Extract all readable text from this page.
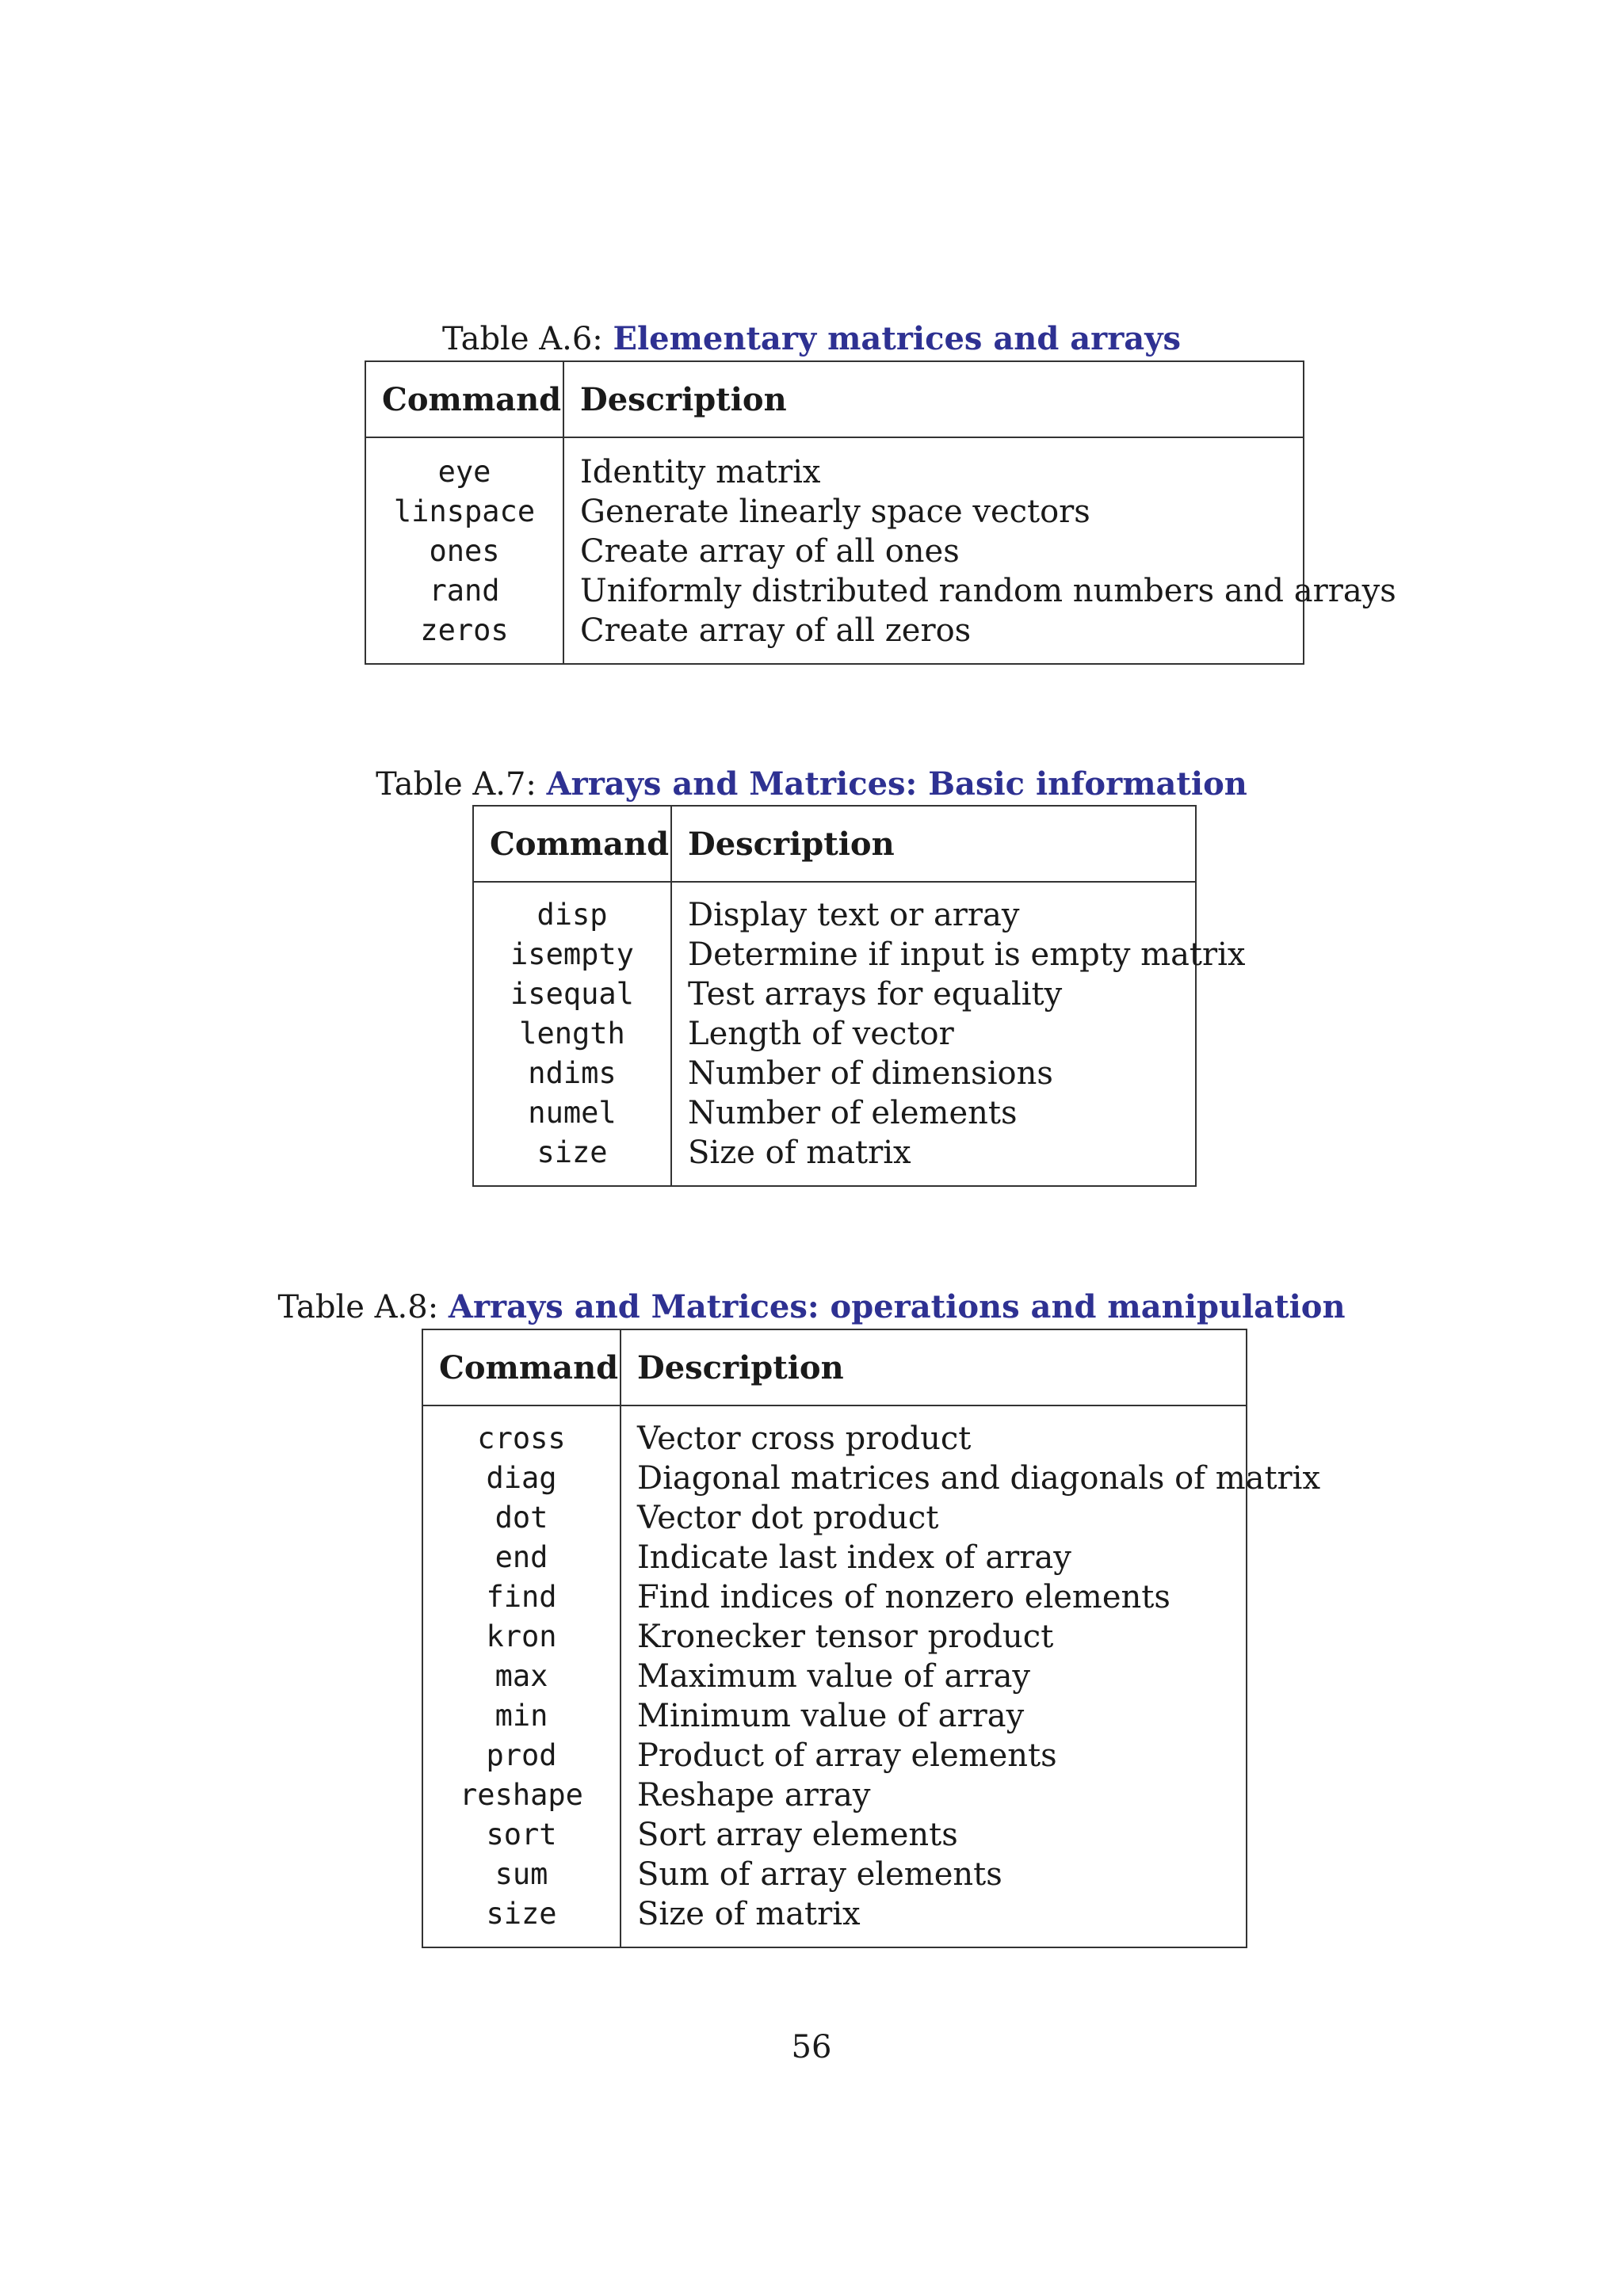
Table A.6: Elementary matrices and arrays
Command Description
eye	Identity matrix
linspace	Generate linearly space vectors
ones	Create array of all ones
rand	Uniformly distributed random numbers and arrays
zeros	Create array of all zeros
Table A.7: Arrays and Matrices: Basic information
Command Description
disp	Display text or array
isempty	Determine if input is empty matrix
isequal	Test arrays for equality
length	Length of vector
ndims	Number of dimensions
numel	Number of elements
size	Size of matrix
Table A.8: Arrays and Matrices: operations and manipulation
Command Description
cross	Vector cross product
diag	Diagonal matrices and diagonals of matrix
dot	Vector dot product
end	Indicate last index of array
find	Find indices of nonzero elements
kron	Kronecker tensor product
max	Maximum value of array
min	Minimum value of array
prod	Product of array elements
reshape	Reshape array
sort	Sort array elements
sum	Sum of array elements
size	Size of matrix
56
